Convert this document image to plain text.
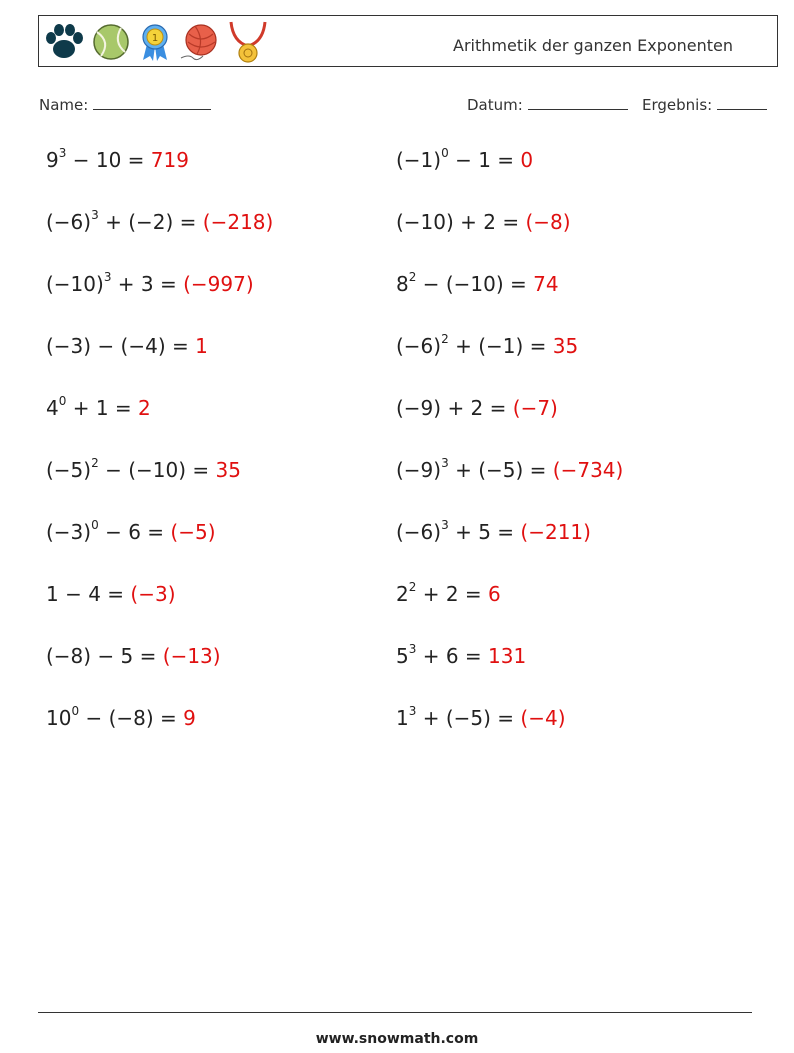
1	Arithmetik der ganzen Exponenten
Name:	Datum:	Ergebnis:
$9^3 - 10 = 719$
$(-6)^3 + (-2) = (-218)$
$(-10)^3 + 3 = (-997)$
(−3) − (−4) = 1
$4^0 + 1 = 2$
$(-5)^2 - (-10) = 35$
$(-3)^0 - 6 = (-5)$
1 − 4 = (−3)
(−8) − 5 = (−13)
$10^0 - (-8) = 9$
$(-1)^0 - 1 = 0$
(−10) + 2 = (−8)
$8^2 - (-10) = 74$
$(-6)^2 + (-1) = 35$
(−9) + 2 = (−7)
$(-9)^3 + (-5) = (-734)$
$(-6)^3 + 5 = (-211)$
$2^2 + 2 = 6$
$5^3 + 6 = 131$
$1^3 + (-5) = (-4)$
www.snowmath.com
